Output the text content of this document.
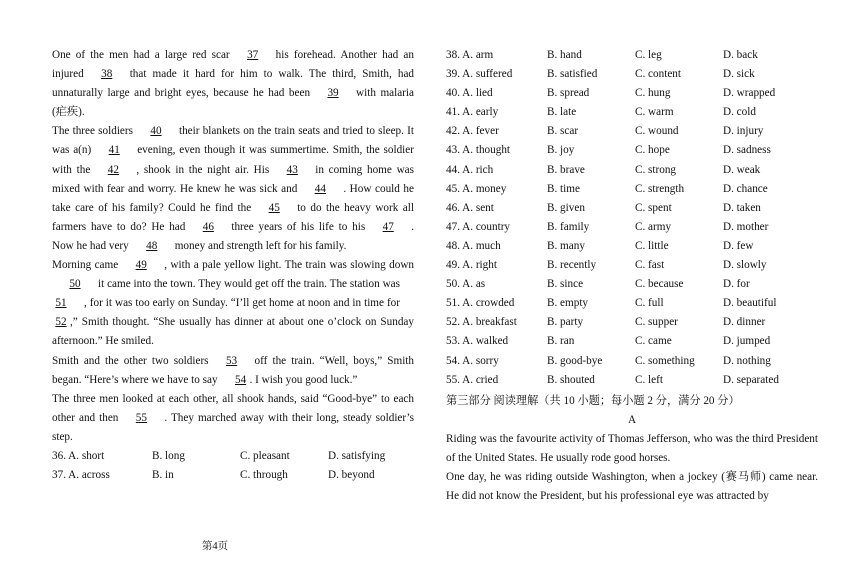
One of the men had a large red scar 37 his forehead. Another had an injured 38 that made it hard for him to walk. The third, Smith, had unnaturally large and bright eyes, because he had been 39 with malaria (疟疾).

The three soldiers 40 their blankets on the train seats and tried to sleep. It was a(n) 41 evening, even though it was summertime. Smith, the soldier with the 42 , shook in the night air. His 43 in coming home was mixed with fear and worry. He knew he was sick and 44 . How could he take care of his family? Could he find the 45 to do the heavy work all farmers have to do? He had 46 three years of his life to his 47 . Now he had very 48 money and strength left for his family.

Morning came 49 , with a pale yellow light. The train was slowing down50 it came into the town. They would get off the train. The station was51 , for it was too early on Sunday. “I’ll get home at noon and in time for52 ,” Smith thought. “She usually has dinner at about one o’clock on Sunday afternoon.” He smiled.

Smith and the other two soldiers 53 off the train. “Well, boys,” Smith began. “Here’s where we have to say 54 . I wish you good luck.”

The three men looked at each other, all shook hands, said “Good-bye” to each other and then 55 . They marched away with their long, steady soldier’s step.

36. A. short	B. long	C. pleasant	D. satisfying
37. A. across	B. in	C. through	D. beyond
第4页
38. A. arm	B. hand	C. leg	D. back
39. A. suffered	B. satisfied	C. content	D. sick
40. A. lied	B. spread	C. hung	D. wrapped
41. A. early	B. late	C. warm	D. cold
42. A. fever	B. scar	C. wound	D. injury
43. A. thought	B. joy	C. hope	D. sadness
44. A. rich	B. brave	C. strong	D. weak
45. A. money	B. time	C. strength	D. chance
46. A. sent	B. given	C. spent	D. taken
47. A. country	B. family	C. army	D. mother
48. A. much	B. many	C. little	D. few
49. A. right	B. recently	C. fast	D. slowly
50. A. as	B. since	C. because	D. for
51. A. crowded	B. empty	C. full	D. beautiful
52. A. breakfast	B. party	C. supper	D. dinner
53. A. walked	B. ran	C. came	D. jumped
54. A. sorry	B. good-bye	C. something	D. nothing
55. A. cried	B. shouted	C. left	D. separated
第三部分 阅读理解（共 10 小题；每小题 2 分，满分 20 分）
A

Riding was the favourite activity of Thomas Jefferson, who was the third President of the United States. He usually rode good horses.

One day, he was riding outside Washington, when a jockey (赛马师) came near. He did not know the President, but his professional eye was attracted by
